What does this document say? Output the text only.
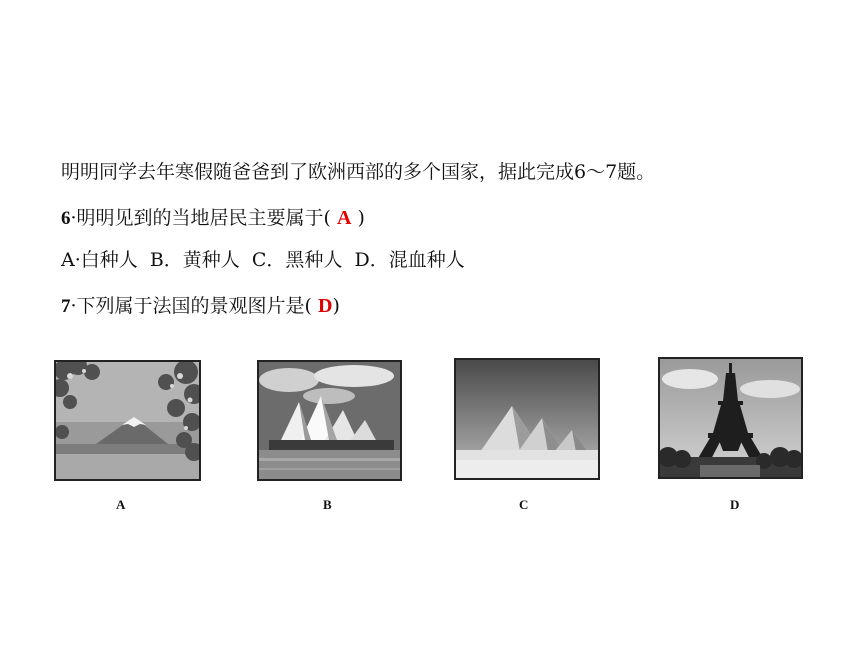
明明同学去年寒假随爸爸到了欧洲西部的多个国家，据此完成6～7题。
6·明明见到的当地居民主要属于( A )
A·白种人  B．黄种人  C．黑种人  D．混血种人
7·下列属于法国的景观图片是( D)
A	B	C	D
